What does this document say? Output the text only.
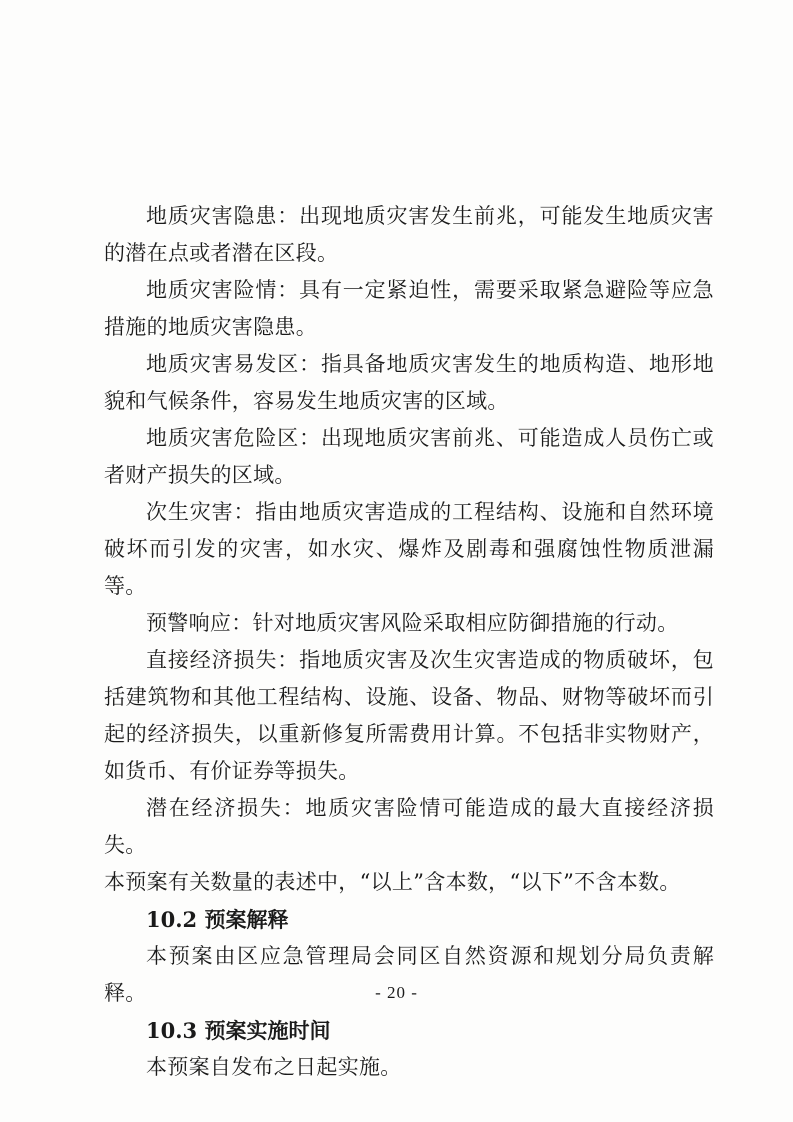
地质灾害隐患：出现地质灾害发生前兆，可能发生地质灾害的潜在点或者潜在区段。

地质灾害险情：具有一定紧迫性，需要采取紧急避险等应急措施的地质灾害隐患。

地质灾害易发区：指具备地质灾害发生的地质构造、地形地貌和气候条件，容易发生地质灾害的区域。

地质灾害危险区：出现地质灾害前兆、可能造成人员伤亡或者财产损失的区域。

次生灾害：指由地质灾害造成的工程结构、设施和自然环境破坏而引发的灾害，如水灾、爆炸及剧毒和强腐蚀性物质泄漏等。

预警响应：针对地质灾害风险采取相应防御措施的行动。

直接经济损失：指地质灾害及次生灾害造成的物质破坏，包括建筑物和其他工程结构、设施、设备、物品、财物等破坏而引起的经济损失，以重新修复所需费用计算。不包括非实物财产，如货币、有价证券等损失。

潜在经济损失：地质灾害险情可能造成的最大直接经济损失。

本预案有关数量的表述中，“以上”含本数，“以下”不含本数。

10.2 预案解释

本预案由区应急管理局会同区自然资源和规划分局负责解释。

10.3 预案实施时间

本预案自发布之日起实施。

- 20 -
